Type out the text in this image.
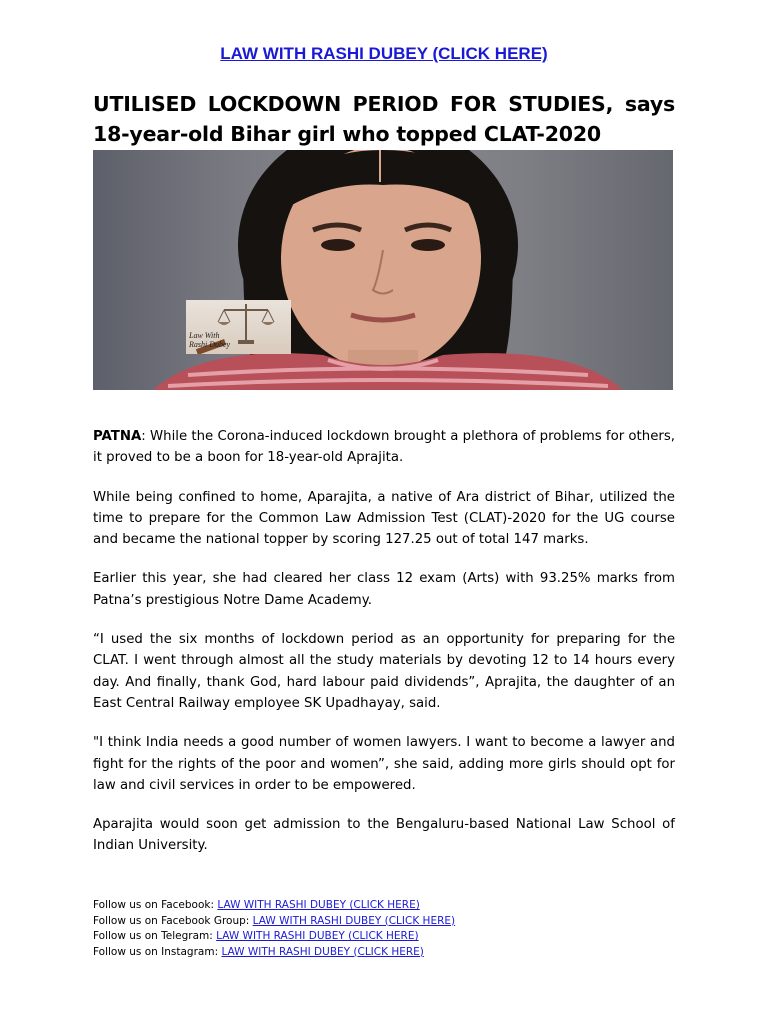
LAW WITH RASHI DUBEY (CLICK HERE)
UTILISED LOCKDOWN PERIOD FOR STUDIES, says 18-year-old Bihar girl who topped CLAT-2020
Law With
Rashi Dubey

PATNA: While the Corona-induced lockdown brought a plethora of problems for others, it proved to be a boon for 18-year-old Aprajita.

While being confined to home, Aparajita, a native of Ara district of Bihar, utilized the time to prepare for the Common Law Admission Test (CLAT)-2020 for the UG course and became the national topper by scoring 127.25 out of total 147 marks.

Earlier this year, she had cleared her class 12 exam (Arts) with 93.25% marks from Patna’s prestigious Notre Dame Academy.

“I used the six months of lockdown period as an opportunity for preparing for the CLAT. I went through almost all the study materials by devoting 12 to 14 hours every day. And finally, thank God, hard labour paid dividends”, Aprajita, the daughter of an East Central Railway employee SK Upadhayay, said.

"I think India needs a good number of women lawyers. I want to become a lawyer and fight for the rights of the poor and women”, she said, adding more girls should opt for law and civil services in order to be empowered.

Aparajita would soon get admission to the Bengaluru-based National Law School of Indian University.

Follow us on Facebook: LAW WITH RASHI DUBEY (CLICK HERE)
Follow us on Facebook Group: LAW WITH RASHI DUBEY (CLICK HERE)
Follow us on Telegram: LAW WITH RASHI DUBEY (CLICK HERE)
Follow us on Instagram: LAW WITH RASHI DUBEY (CLICK HERE)
